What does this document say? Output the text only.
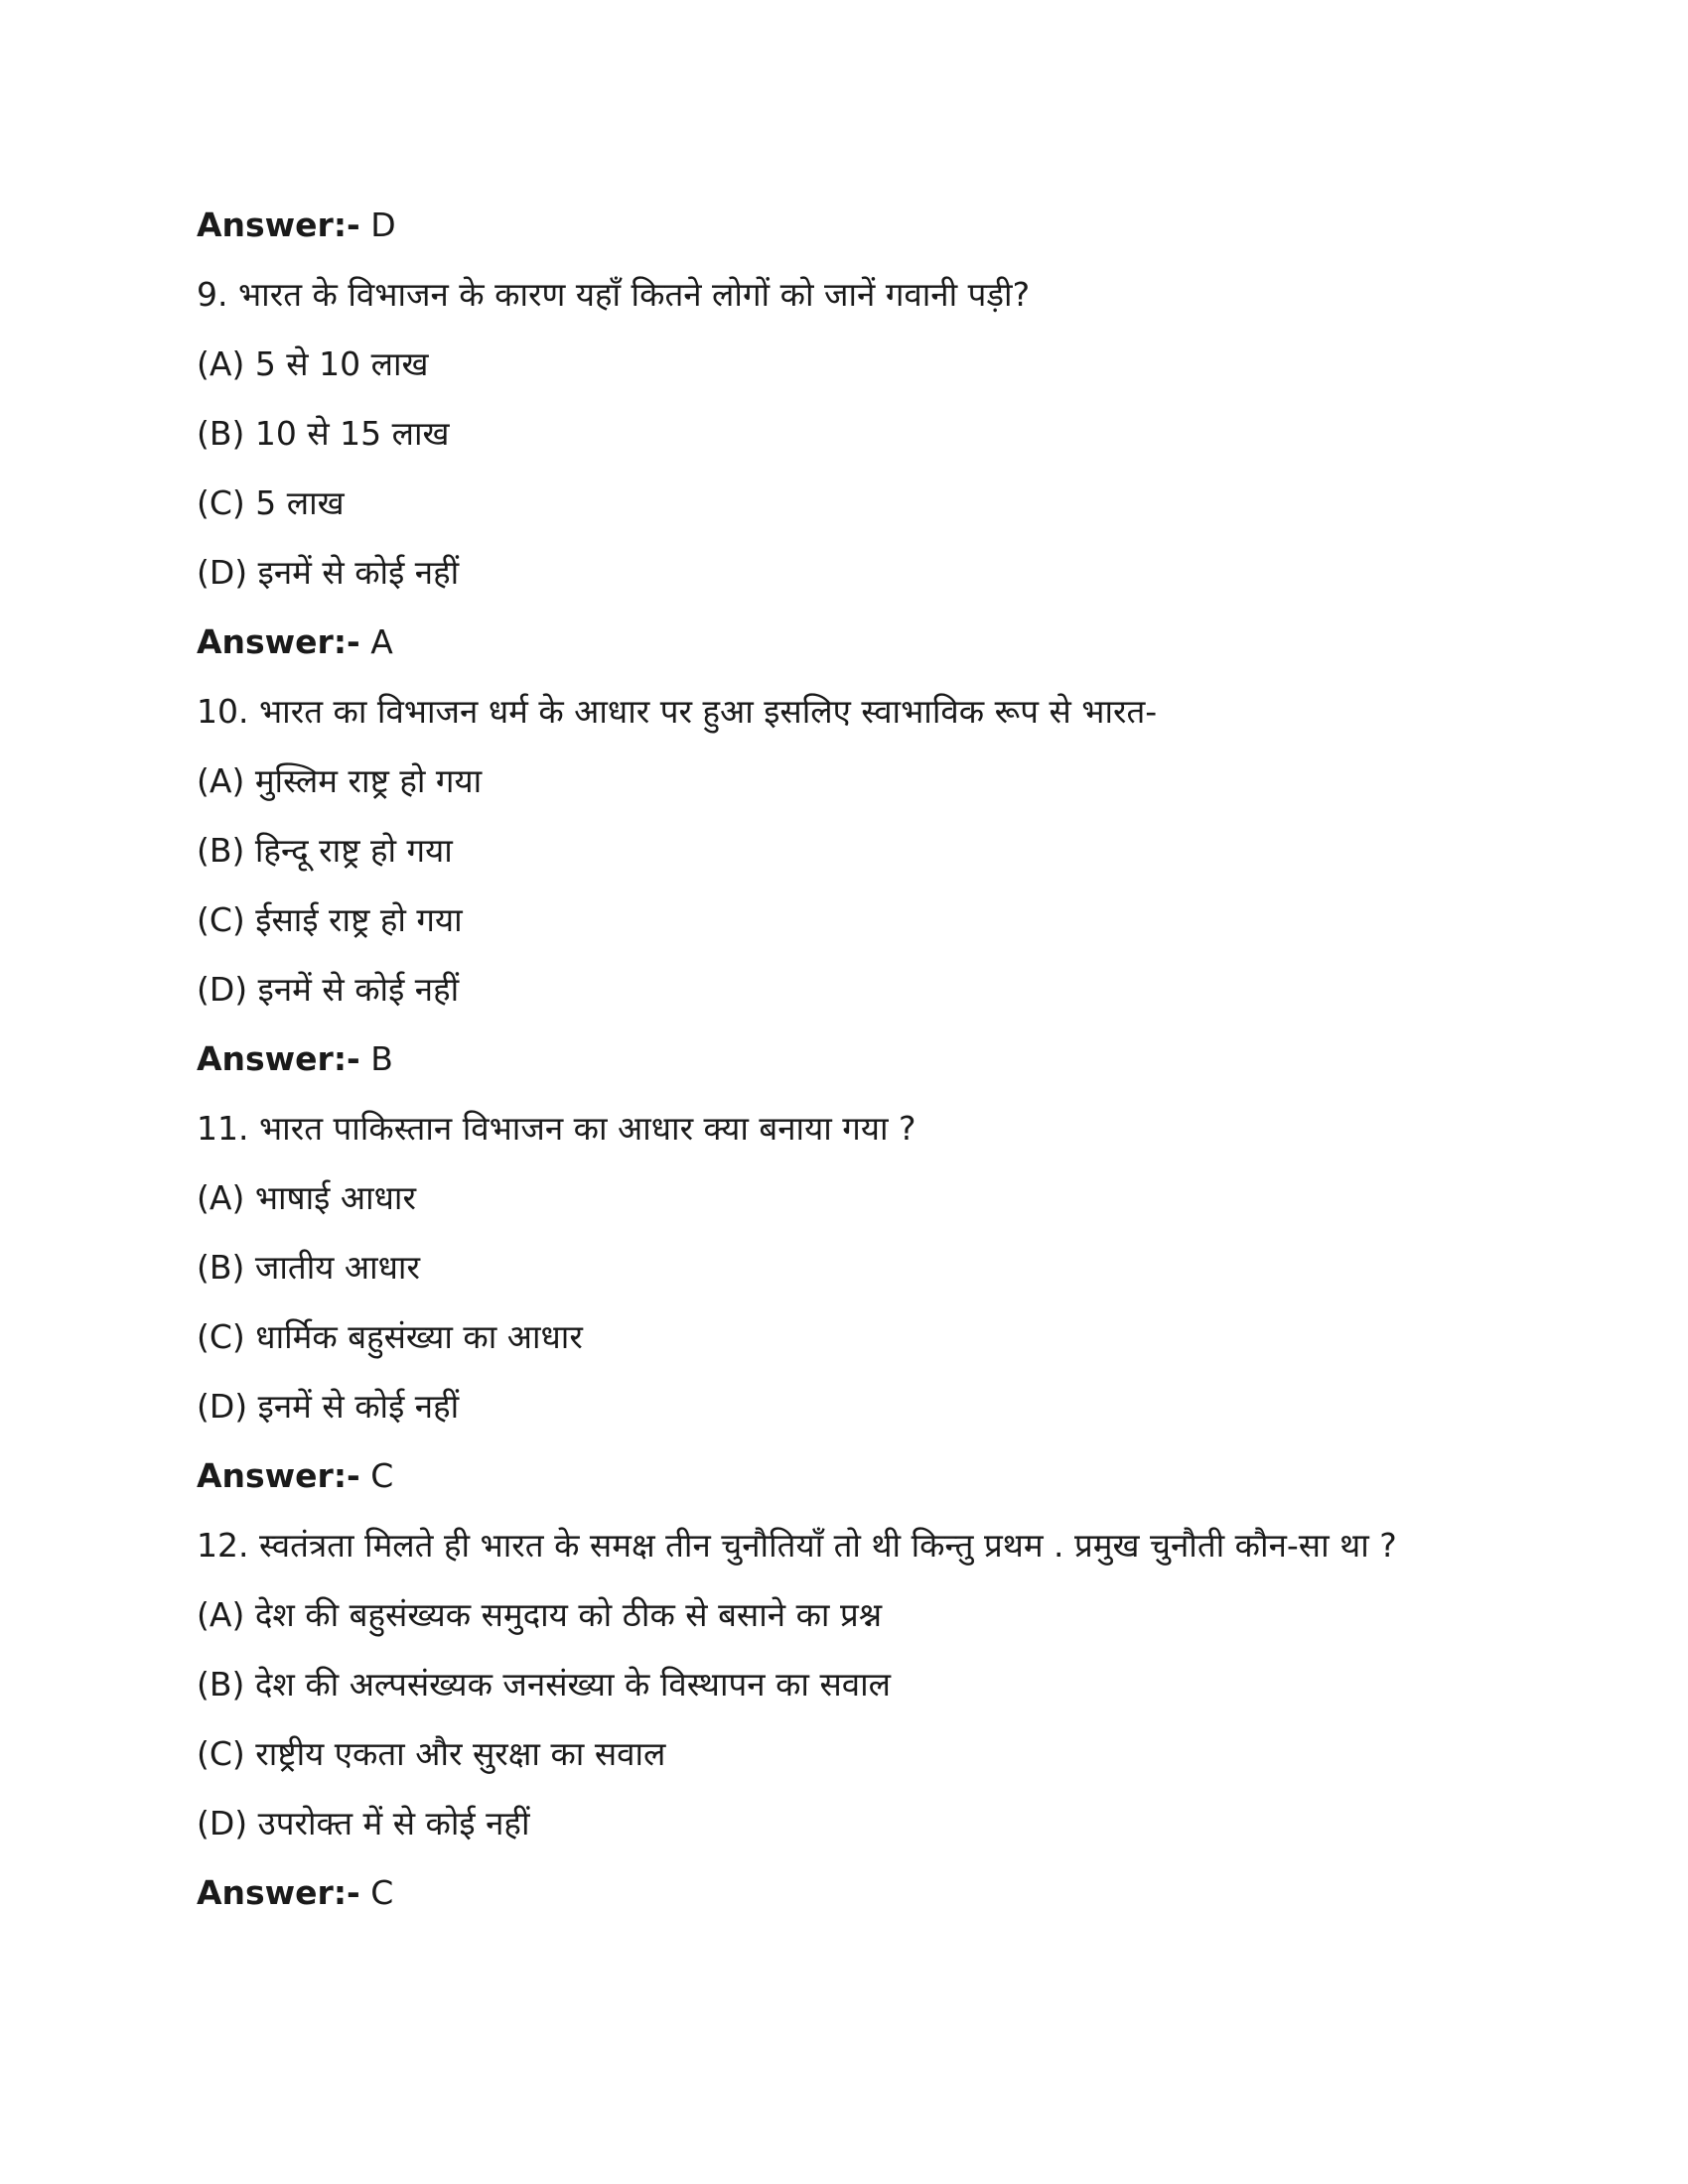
Answer:- D
9. भारत के विभाजन के कारण यहाँ कितने लोगों को जानें गवानी पड़ी?
(A) 5 से 10 लाख
(B) 10 से 15 लाख
(C) 5 लाख
(D) इनमें से कोई नहीं
Answer:- A
10. भारत का विभाजन धर्म के आधार पर हुआ इसलिए स्वाभाविक रूप से भारत-
(A) मुस्लिम राष्ट्र हो गया
(B) हिन्दू राष्ट्र हो गया
(C) ईसाई राष्ट्र हो गया
(D) इनमें से कोई नहीं
Answer:- B
11. भारत पाकिस्तान विभाजन का आधार क्या बनाया गया ?
(A) भाषाई आधार
(B) जातीय आधार
(C) धार्मिक बहुसंख्या का आधार
(D) इनमें से कोई नहीं
Answer:- C
12. स्वतंत्रता मिलते ही भारत के समक्ष तीन चुनौतियाँ तो थी किन्तु प्रथम . प्रमुख चुनौती कौन-सा था ?
(A) देश की बहुसंख्यक समुदाय को ठीक से बसाने का प्रश्न
(B) देश की अल्पसंख्यक जनसंख्या के विस्थापन का सवाल
(C) राष्ट्रीय एकता और सुरक्षा का सवाल
(D) उपरोक्त में से कोई नहीं
Answer:- C
